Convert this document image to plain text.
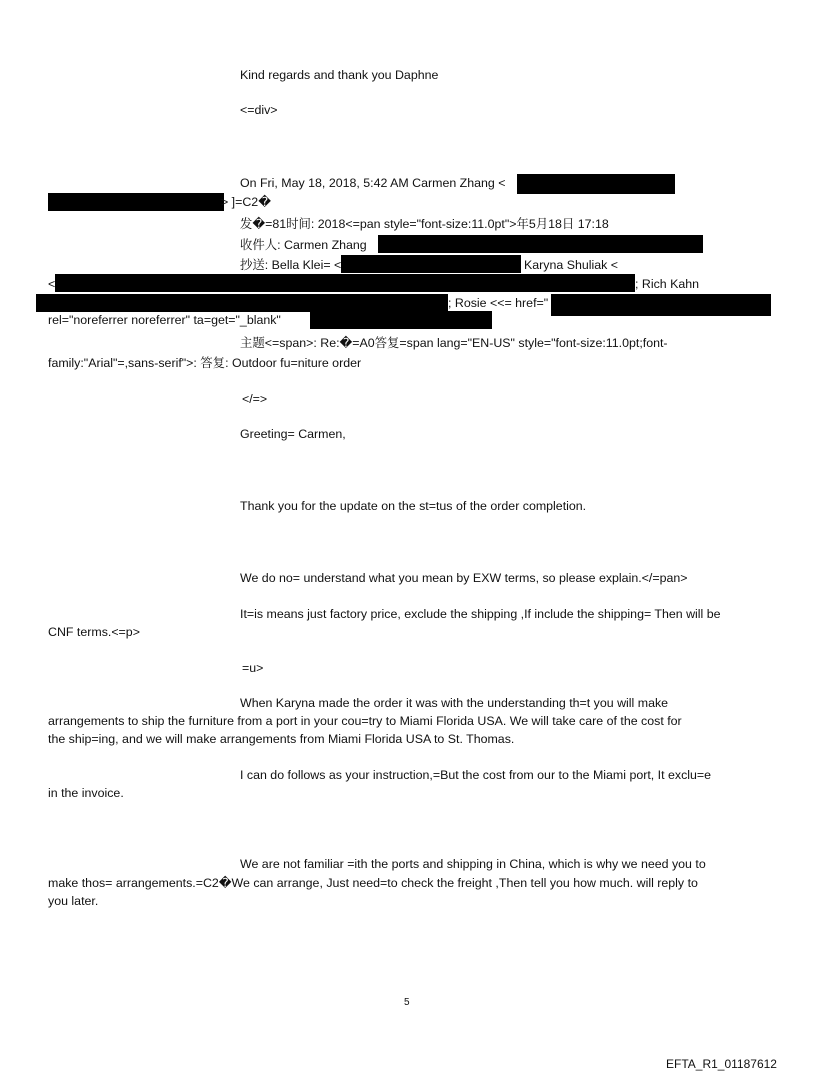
Kind regards and thank you Daphne
<=div>
On Fri, May 18, 2018, 5:42 AM Carmen Zhang <
> ]=C2�
发�=81时间: 2018<=pan style="font-size:11.0pt">年5月18日 17:18
收件人: Carmen Zhang
抄送: Bella Klei= <	Karyna Shuliak <
<	; Rich Kahn
; Rosie <<= href="
rel="noreferrer noreferrer" ta=get="_blank"
主题<=span>: Re:�=A0答复=span lang="EN-US" style="font-size:11.0pt;font-
family:"Arial"=,sans-serif">: 答复: Outdoor fu=niture order
</=>
Greeting= Carmen,
Thank you for the update on the st=tus of the order completion.
We do no= understand what you mean by EXW terms, so please explain.</=pan>
It=is means just factory price, exclude the shipping ,If include the shipping= Then will be
CNF terms.<=p>
=u>
When Karyna made the order it was with the understanding th=t you will make
arrangements to ship the furniture from a port in your cou=try to Miami Florida USA. We will take care of the cost for
the ship=ing, and we will make arrangements from Miami Florida USA to St. Thomas.
I can do follows as your instruction,=But the cost from our to the Miami port, It exclu=e
in the invoice.
We are not familiar =ith the ports and shipping in China, which is why we need you to
make thos= arrangements.=C2�We can arrange, Just need=to check the freight ,Then tell you how much. will reply to
you later.
5
EFTA_R1_01187612
